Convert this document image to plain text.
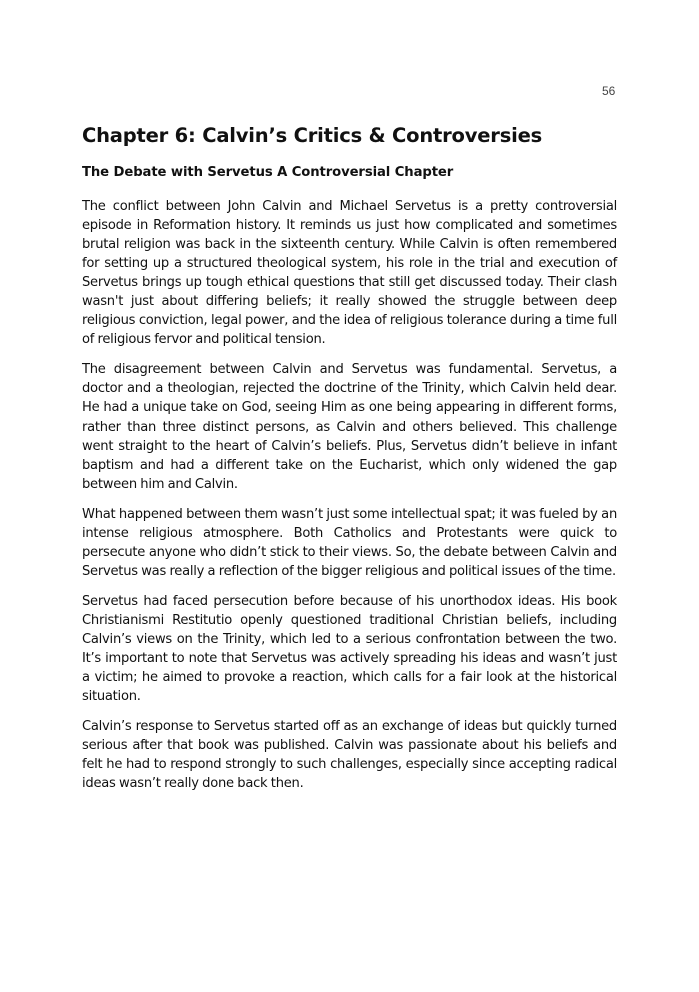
56
Chapter 6: Calvin’s Critics & Controversies
The Debate with Servetus A Controversial Chapter

The conflict between John Calvin and Michael Servetus is a pretty controversial episode in Reformation history. It reminds us just how complicated and sometimes brutal religion was back in the sixteenth century. While Calvin is often remembered for setting up a structured theological system, his role in the trial and execution of Servetus brings up tough ethical questions that still get discussed today. Their clash wasn't just about differing beliefs; it really showed the struggle between deep religious conviction, legal power, and the idea of religious tolerance during a time full of religious fervor and political tension.

The disagreement between Calvin and Servetus was fundamental. Servetus, a doctor and a theologian, rejected the doctrine of the Trinity, which Calvin held dear. He had a unique take on God, seeing Him as one being appearing in different forms, rather than three distinct persons, as Calvin and others believed. This challenge went straight to the heart of Calvin’s beliefs. Plus, Servetus didn’t believe in infant baptism and had a different take on the Eucharist, which only widened the gap between him and Calvin.

What happened between them wasn’t just some intellectual spat; it was fueled by an intense religious atmosphere. Both Catholics and Protestants were quick to persecute anyone who didn’t stick to their views. So, the debate between Calvin and Servetus was really a reflection of the bigger religious and political issues of the time.

Servetus had faced persecution before because of his unorthodox ideas. His book Christianismi Restitutio openly questioned traditional Christian beliefs, including Calvin’s views on the Trinity, which led to a serious confrontation between the two. It’s important to note that Servetus was actively spreading his ideas and wasn’t just a victim; he aimed to provoke a reaction, which calls for a fair look at the historical situation.

Calvin’s response to Servetus started off as an exchange of ideas but quickly turned serious after that book was published. Calvin was passionate about his beliefs and felt he had to respond strongly to such challenges, especially since accepting radical ideas wasn’t really done back then.
